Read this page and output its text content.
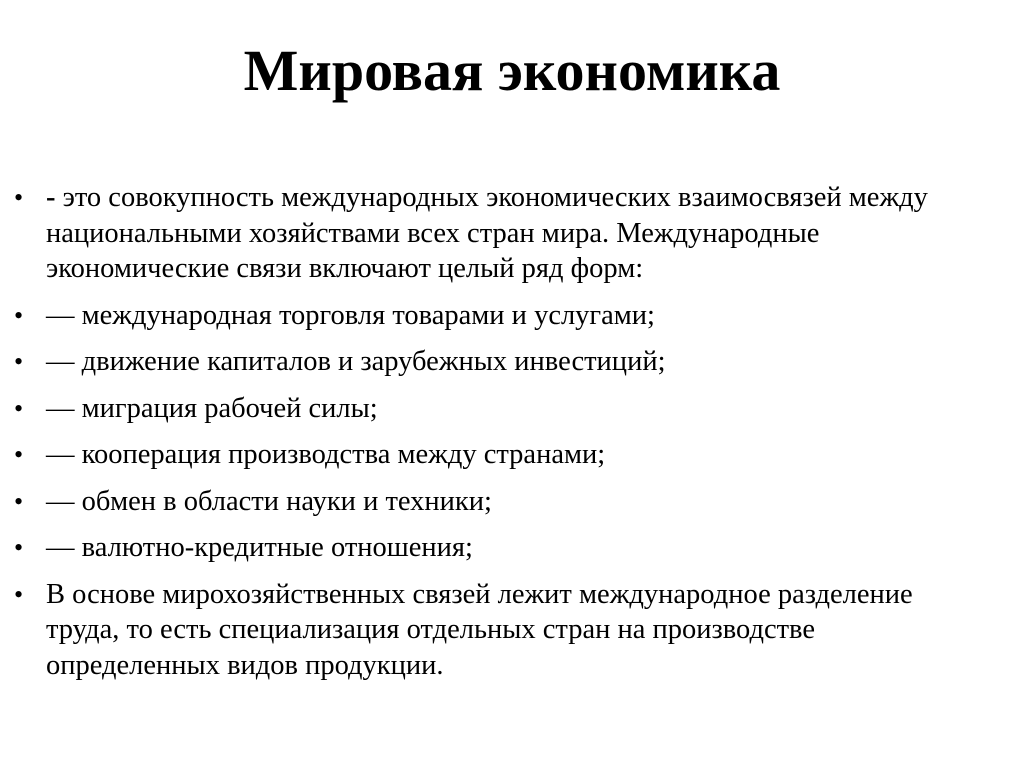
Мировая экономика
• - это совокупность международных экономических взаимосвязей между национальными хозяйствами всех стран мира. Международные экономические связи включают целый ряд форм:
• — международная торговля товарами и услугами;
• — движение капиталов и зарубежных инвестиций;
• — миграция рабочей силы;
• — кооперация производства между странами;
• — обмен в области науки и техники;
• — валютно-кредитные отношения;
• В основе мирохозяйственных связей лежит международное разделение труда, то есть специализация отдельных стран на производстве определенных видов продукции.
